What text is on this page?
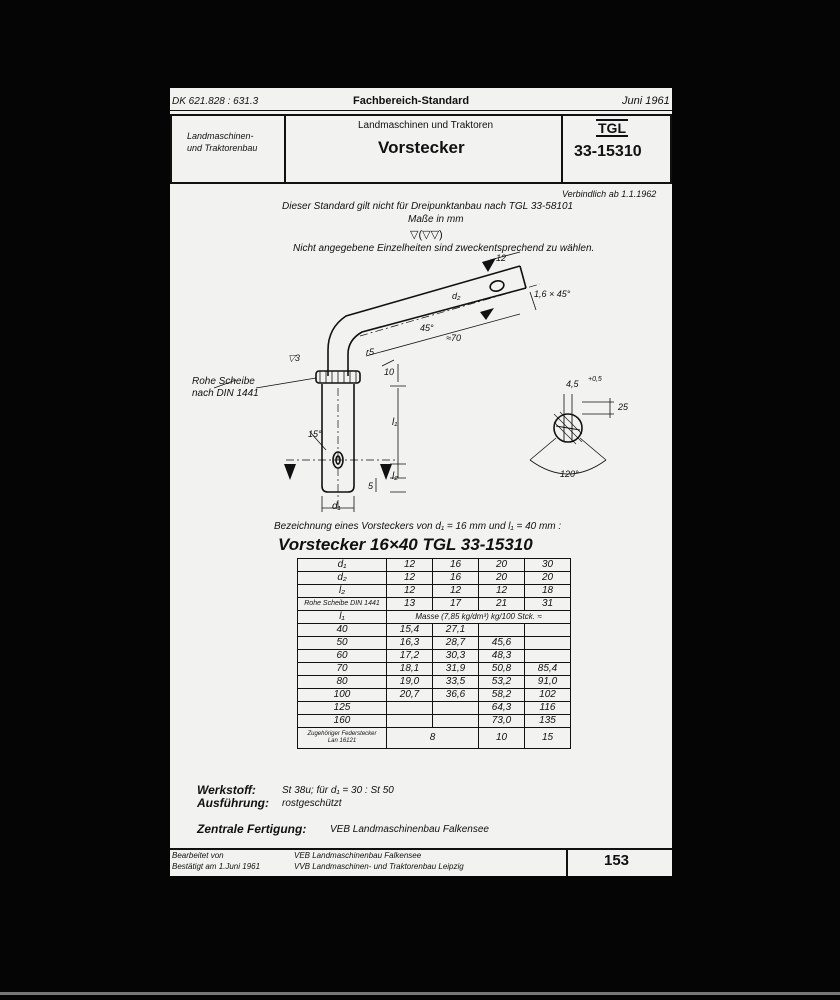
DK 621.828 : 631.3	Fachbereich-Standard	Juni 1961
Landmaschinen-
und Traktorenbau
Landmaschinen und Traktoren
Vorstecker
TGL
33-15310
Verbindlich ab 1.1.1962
Dieser Standard gilt nicht für Dreipunktanbau nach TGL 33-58101
Maße in mm
▽(▽▽)
Nicht angegebene Einzelheiten sind zweckentsprechend zu wählen.
Rohe Scheibe
nach DIN 1441
12
1,6 × 45°
d₂
45°
r5
≈70
10
l₁
l₂
5
d₁
15°
▽3
4,5 +0,5
25
120°
Bezeichnung eines Vorsteckers von d₁ = 16 mm und l₁ = 40 mm :
Vorstecker 16×40 TGL 33-15310
d₁	12	16	20	30
d₂	12	16	20	20
l₂	12	12	12	18
Rohe Scheibe DIN 1441	13	17	21	31
l₁	Masse (7,85 kg/dm³) kg/100 Stck. ≈			
40	15,4	27,1		
50	16,3	28,7	45,6	
60	17,2	30,3	48,3	
70	18,1	31,9	50,8	85,4
80	19,0	33,5	53,2	91,0
100	20,7	36,6	58,2	102
125			64,3	116
160			73,0	135

Zugehöriger Federstecker
Lan 16121	8		10	15
Werkstoff:	St 38u; für d₁ = 30 : St 50
Ausführung: rostgeschützt
Zentrale Fertigung: VEB Landmaschinenbau Falkensee
Bearbeitet von	VEB Landmaschinenbau Falkensee
Bestätigt am 1.Juni 1961	VVB Landmaschinen- und Traktorenbau Leipzig	153
